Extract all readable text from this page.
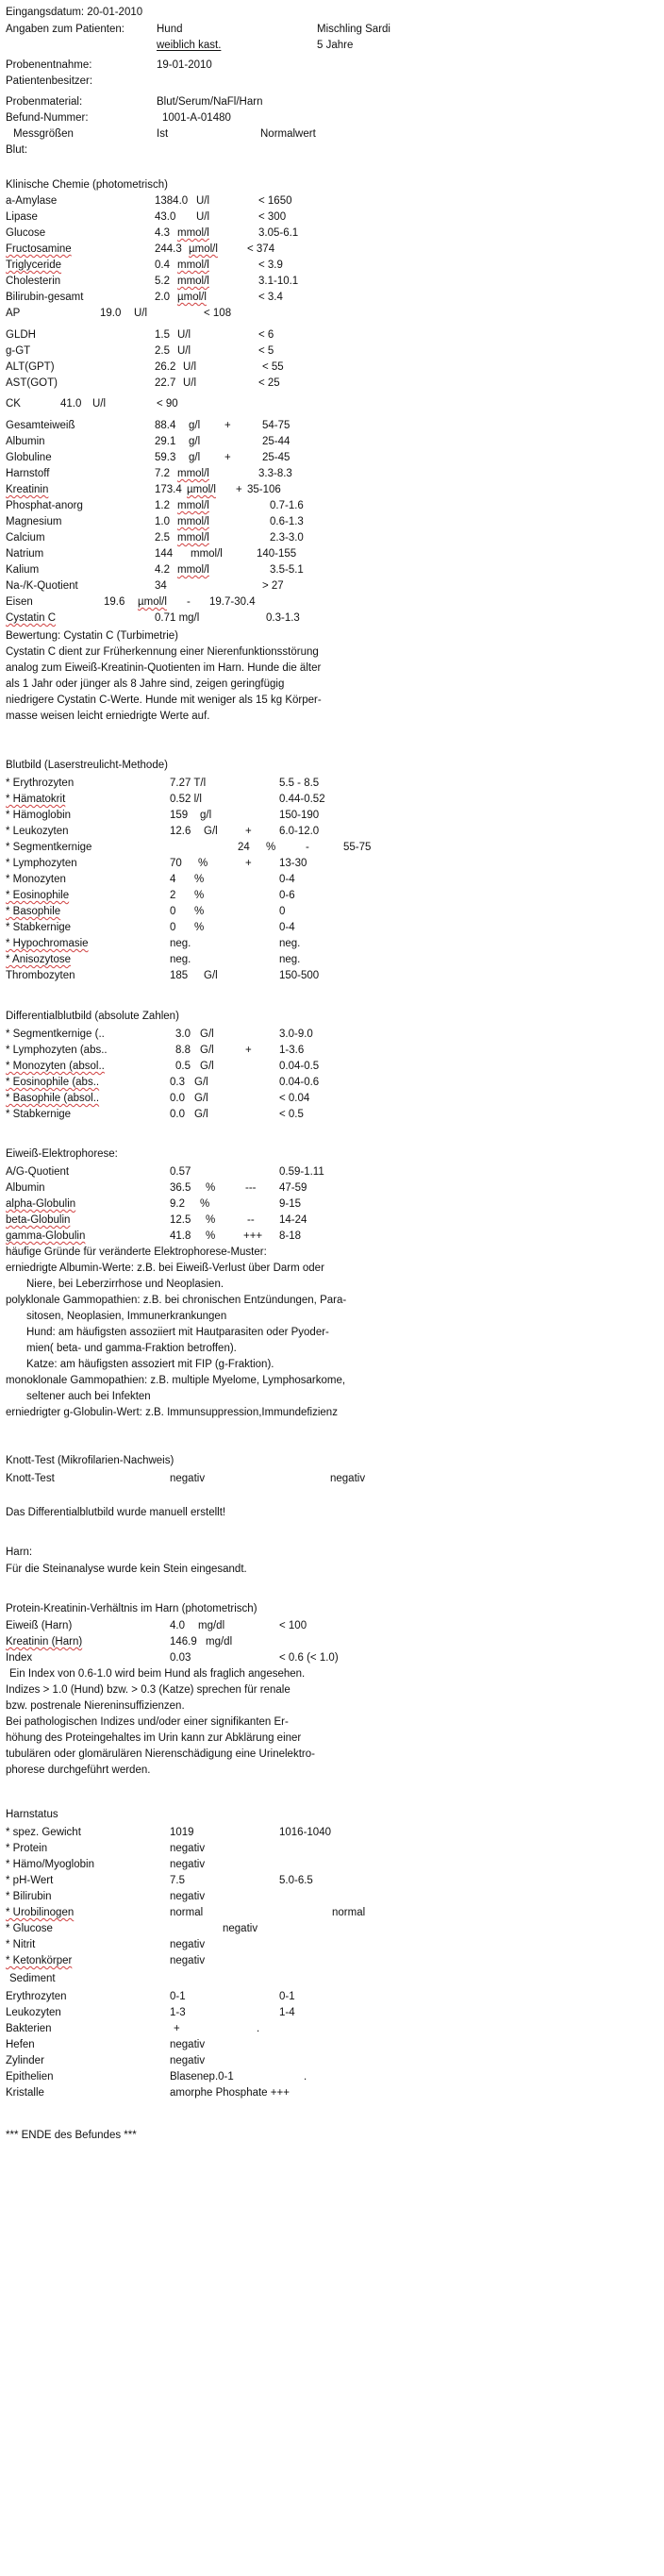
Eingangsdatum: 20-01-2010
Angaben zum Patienten:	Hund	Mischling Sardi
weiblich kast.	5 Jahre
Probenentnahme:	19-01-2010
Patientenbesitzer:
Probenmaterial:	Blut/Serum/NaFl/Harn
Befund-Nummer:	1001-A-01480
Messgrößen	Ist	Normalwert
Blut:
Klinische Chemie (photometrisch)
a-Amylase	1384.0 U/l	< 1650
Lipase	43.0 U/l	< 300
Glucose	4.3 mmol/l	3.05-6.1
Fructosamine	244.3 µmol/l	< 374
Triglyceride	0.4 mmol/l	< 3.9
Cholesterin	5.2 mmol/l	3.1-10.1
Bilirubin-gesamt	2.0 µmol/l	< 3.4
AP	19.0 U/l	< 108
GLDH	1.5 U/l	< 6
g-GT	2.5 U/l	< 5
ALT(GPT)	26.2 U/l	< 55
AST(GOT)	22.7 U/l	< 25
CK	41.0 U/l	< 90
Gesamteiweiß	88.4 g/l +	54-75
Albumin	29.1 g/l	25-44
Globuline	59.3 g/l +	25-45
Harnstoff	7.2 mmol/l	3.3-8.3
Kreatinin	173.4 µmol/l + 35-106
Phosphat-anorg	1.2 mmol/l	0.7-1.6
Magnesium	1.0 mmol/l	0.6-1.3
Calcium	2.5 mmol/l	2.3-3.0
Natrium	144 mmol/l	140-155
Kalium	4.2 mmol/l	3.5-5.1
Na-/K-Quotient	34	> 27
Eisen	19.6 µmol/l - 19.7-30.4
Cystatin C	0.71 mg/l	0.3-1.3
Bewertung: Cystatin C (Turbimetrie)
Cystatin C dient zur Früherkennung einer Nierenfunktionsstörung
analog zum Eiweiß-Kreatinin-Quotienten im Harn. Hunde die älter
als 1 Jahr oder jünger als 8 Jahre sind, zeigen geringfügig
niedrigere Cystatin C-Werte. Hunde mit weniger als 15 kg Körper-
masse weisen leicht erniedrigte Werte auf.
Blutbild (Laserstreulicht-Methode)
* Erythrozyten	7.27 T/l	5.5 - 8.5
* Hämatokrit	0.52 l/l	0.44-0.52
* Hämoglobin	159 g/l	150-190
* Leukozyten	12.6 G/l	+	6.0-12.0
* Segmentkernige	24 %	-	55-75
* Lymphozyten	70 %	+	13-30
* Monozyten	4 %	0-4
* Eosinophile	2 %	0-6
* Basophile	0 %	0
* Stabkernige	0 %	0-4
* Hypochromasie	neg.	neg.
* Anisozytose	neg.	neg.
Thrombozyten	185 G/l	150-500
Differentialblutbild (absolute Zahlen)
* Segmentkernige (..	3.0 G/l	3.0-9.0
* Lymphozyten (abs..	8.8 G/l	+	1-3.6
* Monozyten (absol..	0.5 G/l	0.04-0.5
* Eosinophile (abs..	0.3 G/l	0.04-0.6
* Basophile (absol..	0.0 G/l	< 0.04
* Stabkernige	0.0 G/l	< 0.5
Eiweiß-Elektrophorese:
A/G-Quotient	0.57	0.59-1.11
Albumin	36.5 %	--- 47-59
alpha-Globulin	9.2 %	9-15
beta-Globulin	12.5 %	-- 14-24
gamma-Globulin	41.8 %	+++ 8-18
häufige Gründe für veränderte Elektrophorese-Muster:
erniedrigte Albumin-Werte: z.B. bei Eiweiß-Verlust über Darm oder
Niere, bei Leberzirrhose und Neoplasien.
polyklonale Gammopathien: z.B. bei chronischen Entzündungen, Para-
sitosen, Neoplasien, Immunerkrankungen
Hund: am häufigsten assoziiert mit Hautparasiten oder Pyoder-
mien( beta- und gamma-Fraktion betroffen).
Katze: am häufigsten assoziert mit FIP (g-Fraktion).
monoklonale Gammopathien: z.B. multiple Myelome, Lymphosarkome,
seltener auch bei Infekten
erniedrigter g-Globulin-Wert: z.B. Immunsuppression,Immundefizienz
Knott-Test (Mikrofilarien-Nachweis)
Knott-Test	negativ	negativ
Das Differentialblutbild wurde manuell erstellt!
Harn:
Für die Steinanalyse wurde kein Stein eingesandt.
Protein-Kreatinin-Verhältnis im Harn (photometrisch)
Eiweiß (Harn)	4.0 mg/dl	< 100
Kreatinin (Harn)	146.9 mg/dl
Index	0.03	< 0.6 (< 1.0)
Ein Index von 0.6-1.0 wird beim Hund als fraglich angesehen.
Indizes > 1.0 (Hund) bzw. > 0.3 (Katze) sprechen für renale
bzw. postrenale Niereninsuffizienzen.
Bei pathologischen Indizes und/oder einer signifikanten Er-
höhung des Proteingehaltes im Urin kann zur Abklärung einer
tubulären oder glomärulären Nierenschädigung eine Urinelektro-
phorese durchgeführt werden.
Harnstatus
* spez. Gewicht	1019	1016-1040
* Protein	negativ
* Hämo/Myoglobin	negativ
* pH-Wert	7.5	5.0-6.5
* Bilirubin	negativ
* Urobilinogen	normal	normal
* Glucose	negativ
* Nitrit	negativ
* Ketonkörper	negativ
Sediment
Erythrozyten	0-1	0-1
Leukozyten	1-3	1-4
Bakterien	+	.
Hefen	negativ
Zylinder	negativ
Epithelien	Blasenep.0-1	.
Kristalle	amorphe Phosphate +++
*** ENDE des Befundes ***
